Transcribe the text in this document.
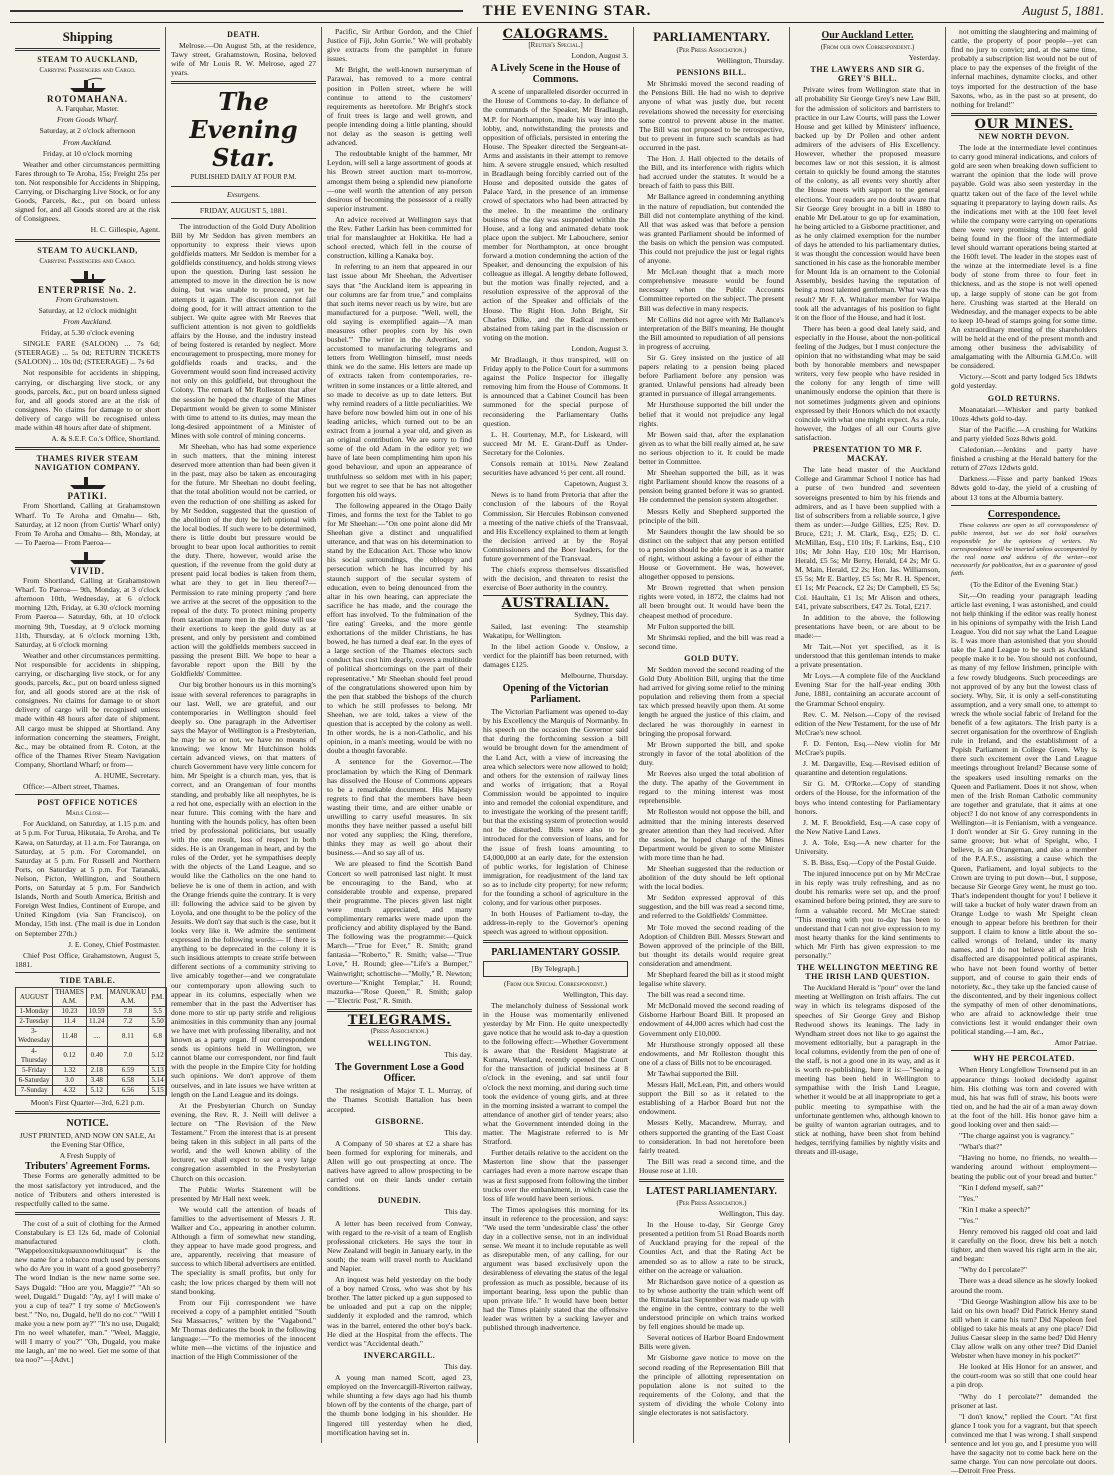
THE EVENING STAR.	August 5, 1881.
Shipping
STEAM TO AUCKLAND,
Carrying Passengers and Cargo.
ROTOMAHANA.

A. Farquhar, Master.

From Goods Wharf.

Saturday, at 2 o'clock afternoon

From Auckland.

Friday, at 10 o'clock morning

Weather and other circumstances permitting Fares through to Te Aroha, 15s; Freight 25s per ton. Not responsible for Accidents in Shipping, Carrying, or Discharging Live Stock, or for any Goods, Parcels, &c., put on board unless signed for, and all Goods stored are at the risk of Consignees.

H. C. Gillespie, Agent.

STEAM TO AUCKLAND,
Carrying Passengers and Cargo.
ENTERPRISE No. 2.

From Grahamstown.

Saturday, at 12 o'clock midnight

From Auckland.

Friday, at 5.30 o'clock evening

SINGLE FARE (SALOON) ... 7s 6d; (STEERAGE) ... 5s 0d; RETURN TICKETS (SALOON) ... 10s 0d; (STEERAGE) ... 7s 6d

Not responsible for accidents in shipping, carrying, or discharging live stock, or any goods, parcels, &c., put on board unless signed for, and all goods stored are at the risk of consignees. No claims for damage to or short delivery of cargo will be recognised unless made within 48 hours after date of shipment.

A. & S.E.F. Co.'s Office, Shortland.

THAMES RIVER STEAM NAVIGATION COMPANY.
PATIKI.

From Shortland, Calling at Grahamstown Wharf. To Te Aroha and Omahu— 6th, Saturday, at 12 noon (from Curtis' Wharf only) From Te Aroha and Omahu— 8th, Monday, at — To Paeroa— From Paeroa—

VIVID.

From Shortland, Calling at Grahamstown Wharf. To Paeroa— 9th, Monday, at 3 o'clock afternoon 10th, Wednesday, at 6 o'clock morning 12th, Friday, at 6.30 o'clock morning From Paeroa— Saturday, 6th, at 10 o'clock morning 9th, Tuesday, at 9 o'clock morning 11th, Thursday, at 6 o'clock morning 13th, Saturday, at 6 o'clock morning

Weather and other circumstances permitting. Not responsible for accidents in shipping, carrying, or discharging live stock, or for any goods, parcels, &c., put on board unless signed for, and all goods stored are at the risk of consignees. No claims for damage to or short delivery of cargo will be recognised unless made within 48 hours after date of shipment. All cargo must be shipped at Shortland. Any information concerning the steamers, Freight, &c., may be obtained from R. Coton, at the office of the Thames River Steam Navigation Company, Shortland Wharf; or from—

A. HUME, Secretary.

Office:—Albert street, Thames.

POST OFFICE NOTICES
Mails Close—

For Auckland, on Saturday, at 1.15 p.m. and at 5 p.m. For Turua, Hikutaia, Te Aroha, and Te Kawa, on Saturday, at 11 a.m. For Tauranga, on Saturday, at 5 p.m. For Coromandel, on Saturday at 5 p.m. For Russell and Northern Ports, on Saturday at 5 p.m. For Taranaki, Nelson, Picton, Wellington, and Southern Ports, on Saturday at 5 p.m. For Sandwich Islands, North and South America, British and Foreign West Indies, Continent of Europe, and United Kingdom (via San Francisco), on Monday, 15th inst. (The mail is due in London on September 27th.)

J. E. Coney, Chief Postmaster.

Chief Post Office, Grahamstown, August 5, 1881.

TIDE TABLE.
AUGUST	THAMES A.M.	P.M.	MANUKAU A.M.	P.M.
1-Monday	10.23	10.59	7.8	5.5
2-Tuesday	11.4	11.24	7.2	5.50
3-Wednesday	11.48	....	8.11	6.8
4-Thursday	0.12	0.40	7.0	5.12
5-Friday	1.32	2.18	6.59	5.13
6-Saturday	3.0	3.48	6.58	5.14
7-Sunday	4.32	5.12	6.56	5.15

Moon's First Quarter—3rd, 6.21 p.m.

NOTICE.

JUST PRINTED, AND NOW ON SALE, At the Evening Star Office,

A Fresh Supply of

Tributers' Agreement Forms.

These Forms are generally admitted to be the most satisfactory yet introduced, and the notice of Tributers and others interested is respectfully called to the same.

The cost of a suit of clothing for the Armed Constabulary is £3 12s 6d, made of Colonial manufactured cloth. "Wappelooxitukquauxnoowhituquat" is the new name for a tobacco much used by persons who do Are you in want of a good gooseberry? The word Indian is the new name some see. Says Dugald: "Hoo are you, Maggie?" "Ah so weel, Dugald." Dugald: "Ay, ay! I will make o' you a cup of tea?" I try some o' McGowen's best." "No, no, Dugald, he'll do no cot." "Will I make you a new porn ay?" "It's no use, Dugald; I'm no weel whatefer, man." "Weel, Maggie, will I marry o' you?" "Oh, Dugald, you make me laugh, an' me no weel. Get me some of that tea noo?"—[Advt.]

DEATH.

Melrose.—On August 5th, at the residence, Tawy street, Grahamstown, Rosina, beloved wife of Mr Louis R. W. Melrose, aged 27 years.

The Evening Star.
PUBLISHED DAILY AT FOUR P.M.

Exsurgens.

FRIDAY, AUGUST 5, 1881.

The introduction of the Gold Duty Abolition Bill by Mr Seddon has given members an opportunity to express their views upon goldfields matters. Mr Seddon is member for a goldfields constituency, and holds strong views upon the question. During last session he attempted to move in the direction he is now doing, but was unable to proceed, yet he attempts it again. The discussion cannot fail doing good, for it will attract attention to the subject. We quite agree with Mr Reeves that sufficient attention is not given to goldfields affairs by the House, and the industry instead of being fostered is retarded by neglect. More encouragement to prospecting, more money for goldfields roads and tracks, and the Government would soon find increased activity not only on this goldfield, but throughout the Colony. The remark of Mr Rolleston that after the session he hoped the charge of the Mines Department would be given to some Minister with time to attend to its duties, may mean the long-desired appointment of a Minister of Mines with sole control of mining concerns.

Mr Sheehan, who has had some experience in such matters, that the mining interest deserved more attention than had been given it in the past, may also be taken as encouraging for the future. Mr Sheehan no doubt feeling, that the total abolition would not be carried, or even the reduction of one shilling as asked for by Mr Seddon, suggested that the question of the abolition of the duty be left optional with the local bodies. If such were to be determined, there is little doubt but pressure would be brought to bear upon local authorities to remit the duty. There, however, would arise the question, if the revenue from the gold duty at present paid local bodies is taken from them, what are they to get in lieu thereof?—Permission to rate mining property ;'and here we arrive at the secret of the opposition to the repeal of the duty. To protect mining property from taxation many men in the House will use their exertions to keep the gold duty as at present, and only by persistent and combined action will the goldfields members succeed in passing the present Bill. We hope to hear a favorable report upon the Bill by the Goldfields' Committee.

Our big brother honours us in this morning's issue with several references to paragraphs in our last. Well, we are grateful, and our contemporaries in Wellington should feel deeply so. One paragraph in the Advertiser says the Mayor of Wellington is a Presbyterian, he may be so or not, we have no means of knowing; we know Mr Hutchinson holds certain advanced views, on that matters of church Government have very little concern for him. Mr Speight is a church man, yes, that is correct, and an Orangeman of four months standing, and probably like all neophytes, he is a red hot one, especially with an election in the near future. This coming with the hare and hunting with the hounds policy, has often been tried by professional politicians, but usually with the one result, loss of respect in both sides. He is an Orangeman in heart, and by the rules of the Order, yet he sympathises deeply with the objects of the Land League, and so would like the Catholics on the one hand to believe he is one of them in action, and with the Orange friends quite the contrary. It is very ill: following the advice said to be given by Loyola, and one thought to be the policy of the Jesuits. We don't say that such is the case, but it looks very like it. We admire the sentiment expressed in the following words:— If there is anything to be deprecated in the colony it is such insidious attempts to create strife between different sections of a community striving to live amicably together—and we congratulate our contemporary upon allowing such to appear in its columns, especially when we remember that in the past the Advertiser has done more to stir up party strife and religious animosities in this community than any journal we have met with professing liberality, and not known as a party organ. If our correspondent sends us opinions held in Wellington, we cannot blame our correspondent, nor find fault with the people in the Empire City for holding such opinions. We don't approve of them ourselves, and in late issues we have written at length on the Land League and its doings.

At the Presbyterian Church on Sunday evening, the Rev. R. J. Neill will deliver a lecture on "The Revision of the New Testament." From the interest that is at present being taken in this subject in all parts of the world, and the well known ability of the lecturer, we shall expect to see a very large congregation assembled in the Presbyterian Church on this occasion.

The Public Works Statement will be presented by Mr Hall next week.

We would call the attention of heads of families to the advertisement of Messrs J. R. Walker and Co., appearing in another column. Although a firm of somewhat new standing, they appear to have made good progress, and are, apparently, receiving that measure of success to which liberal advertisers are entitled. The speciality is small profits, but only for cash; the low prices charged by them will not stand booking.

From our Fiji correspondent we have received a copy of a pamphlet entitled "South Sea Massacres," written by the "Vagabond." Mr Thomas dedicates the book in the following language:—"To the memories of the innocent white men—the victims of the injustice and inaction of the High Commissioner of the

Pacific, Sir Arthur Gordon, and the Chief Justice of Fiji, John Gorrie." We will probably give extracts from the pamphlet in future issues.

Mr Bright, the well-known nurseryman of Parawai, has removed to a more central position in Pollen street, where he will continue to attend to the customers' requirements as heretofore. Mr Bright's stock of fruit trees is large and well grown, and people intending doing a little planting, should not delay as the season is getting well advanced.

The redoubtable knight of the hammer, Mr Leydon, will sell a large assortment of goods at his Brown street auction mart to-morrow, amongst them being a splendid new pianoforte—one well worth the attention of any person desirous of becoming the possessor of a really superior instrument.

An advice received at Wellington says that the Rev. Father Larkin has been committed for trial for manslaughter at Hokitika. He had a school erected, which fell in the course of construction, killing a Kanaka boy.

In referring to an item that appeared in our last issue about Mr Sheehan, the Advertiser says that "the Auckland item is appearing in our columns are far from true," and complains that such items never reach us by wire, but are manufactured for a purpose. "Well, well, the old saying is exemplified again—'A man measures other peoples corn by his own bushel.'" The writer in the Advertiser, so accustomed to manufacturing telegrams and letters from Wellington himself, must needs think we do the same. His letters are made up of extracts taken from contemporaries, re-written in some instances or a little altered, and so made to deceive as up to date letters. But why remind readers of a little peculiarities. We have before now bowled him out in one of his leading articles, which turned out to be an extract from a journal a year old, and given as an original contribution. We are sorry to find some of the old Adam in the editor yet; we have of late been complimenting him upon his good behaviour, and upon an appearance of truthfulness so seldom met with in his paper; but we regret to see that he has not altogether forgotten his old ways.

The following appeared in the Otago Daily Times, and forms the text for the Tablet to go for Mr Sheehan:—"On one point alone did Mr Sheehan give a distinct and unqualified utterance, and that was on his determination to stand by the Education Act. Those who know his social surroundings, the obloquy and persecution which he has incurred by his staunch support of the secular system of education, even to being denounced from the altar in his own hearing, can appreciate the sacrifice he has made, and the courage the effort has involved. To the fulmination of the 'fire eating' Greeks, and the more gentle exhortations of the milder Christians, he has bowed, he has turned a deaf ear. In the eyes of a large section of the Thames electors such conduct has cost him dearly, covers a multitude of political shortcomings on the part of their representative." Mr Sheehan should feel proud of the congratulations showered upon him by the pen that stabbed the bishops of the church to which he still professes to belong. Mr Sheehan, we are told, takes a view of the question that is accepted by the colony as well. In other words, he is a non-Catholic, and his opinion, in a man's meeting, would be with no doubt a thought favorable.

A sentence for the Governor.—The proclamation by which the King of Denmark has dissolved the House of Commons appears to be a remarkable document. His Majesty regrets to find that the members have been wasting their time, and are either unable or unwilling to carry useful measures. In six months they have neither passed a useful bill nor voted any supplies; the King, therefore, thinks they may as well go about their business.—And so say all of us.

We are pleased to find the Scottish Band Concert so well patronised last night. It must be encouraging to the Band, who at considerable trouble and expense, prepared their programme. The pieces given last night were much appreciated, and many complimentary remarks were made upon the proficiency and ability displayed by the Band. The following was the programme:—Quick March—"True for Ever," R. Smith; grand fantasia—"Roberto," R. Smith; valse—"True Love," H. Round; glee—"Life's a Bumper," Wainwright; schottische—"Molly," R. Newton; overture—"Knight Templar," H. Round; mazurka—"Rose Queen," R. Smith; galop—"Electric Post," R. Smith.

TELEGRAMS.
(Press Association.)
WELLINGTON.

This day.

The Government Lose a Good Officer.

The resignation of Major T. L. Murray, of the Thames Scottish Battalion has been accepted.

GISBORNE.

This day.

A Company of 50 shares at £2 a share has been formed for exploring for minerals, and Allen will go out prospecting at once. The natives have agreed to allow prospecting to be carried out on their lands under certain conditions.

DUNEDIN.

This day.

A letter has been received from Conway, with regard to the re-visit of a team of English professional cricketers. He says the tour in New Zealand will begin in January early, in the south; the team will travel north to Auckland and Napier.

An inquest was held yesterday on the body of a boy named Cross, who was shot by his brother. The latter picked up a gun supposed to be unloaded and put a cap on the nipple; suddenly it exploded and the ramrod, which was in the barrel, entered the other boy's back. He died at the Hospital from the effects. The verdict was "Accidental death."

INVERCARGILL.

This day.

A young man named Scott, aged 23, employed on the Invercargill-Riverton railway, while shunting a few days ago had his thumb blown off by the contents of the charge, part of the thumb bone lodging in his shoulder. He lingered till yesterday when he died, mortification having set in.

CALOGRAMS.
[Reuter's Special.]

London, August 3.

A Lively Scene in the House of Commons.

A scene of unparalleled disorder occurred in the House of Commons to-day. In defiance of the commands of the Speaker, Mr Bradlaugh, M.P. for Northampton, made his way into the lobby, and, notwithstanding the protests and opposition of officials, persisted in entering the House. The Speaker directed the Sergeant-at-Arms and assistants in their attempt to remove him. A severe struggle ensued, which resulted in Bradlaugh being forcibly carried out of the House and deposited outside the gates of Palace Yard, in the presence of an immense crowd of spectators who had been attracted by the melee. In the meantime the ordinary business of the day was suspended within the House, and a long and animated debate took place upon the subject. Mr Labouchere, senior member for Northampton, at once brought forward a motion condemning the action of the Speaker, and denouncing the expulsion of his colleague as illegal. A lengthy debate followed, but the motion was finally rejected, and a resolution expressive of the approval of the action of the Speaker and officials of the House. The Right Hon. John Bright, Sir Charles Dilke, and the Radical members abstained from taking part in the discussion or voting on the motion.

London, August 3.

Mr Bradlaugh, it thus transpired, will on Friday apply to the Police Court for a summons against the Police Inspector for illegally removing him from the House of Commons. It is announced that a Cabinet Council has been summoned for the special purpose of reconsidering the Parliamentary Oaths question.

L. H. Courtenay, M.P., for Liskeard, will succeed Mr M. E. Grant-Duff as Under-Secretary for the Colonies.

Consols remain at 101¼. New Zealand securities have advanced ½ per cent. all round.

Capetown, August 3.

News is to hand from Pretoria that after the conclusion of the labours of the Royal Commission, Sir Hercules Robinson convened a meeting of the native chiefs of the Transvaal, and His Excellency explained to them at length the decision arrived at by the Royal Commissioners and the Boer leaders, for the future government of the Transvaal.

The chiefs express themselves dissatisfied with the decision, and threaten to resist the exercise of Boer authority in the country.

AUSTRALIAN.

Sydney, This day.

Sailed, last evening: The steamship Wakatipu, for Wellington.

In the libel action Goode v. Onslow, a verdict for the plaintiff has been returned, with damages £125.

Melbourne, Thursday.

Opening of the Victorian Parliament.

The Victorian Parliament was opened to-day by his Excellency the Marquis of Normanby. In his speech on the occasion the Governor said that during the forthcoming session a bill would be brought down for the amendment of the Land Act, with a view of increasing the area which selectors were now allowed to hold; and others for the extension of railway lines and works of irrigation; that a Royal Commission would be appointed to inquire into and remodel the colonial expenditure, and to investigate the working of the present tariff; but that the existing system of protection would not be disturbed. Bills were also to be introduced for the conversion of loans, and for the issue of fresh loans amounting to £4,000,000 at an early date, for the extension of public works, for legislation of Chinese immigration, for readjustment of the land tax so as to include city property; for new reform; for the founding a school of agriculture in the colony, and for various other purposes.

In both Houses of Parliament to-day, the address-in-reply to the Governor's opening speech was agreed to without opposition.

PARLIAMENTARY GOSSIP.
[By Telegraph.]
(From our Special Correspondent.)

Wellington, This day.

The melancholy dulness of Sessional work in the House was momentarily enlivened yesterday by Mr Finn. He quite unexpectedly gave notice that he would ask to-day a question to the following effect:—Whether Government is aware that the Resident Magistrate at Kumara, Westland, recently opened the Court for the transaction of judicial business at 8 o'clock in the evening, and sat until four o'clock the next morning, and during such time took the evidence of young girls, and at three in the morning insisted a warrant to compel the attendance of another girl of tender years; also what the Government intended doing in the matter. The Magistrate referred to is Mr Stratford.

Further details relative to the accident on the Masterton line show that the passenger carriages had even a more narrow escape than was at first supposed from following the timber trucks over the embankment, in which case the loss of life would have been serious.

The Times apologises this morning for its insult in reference to the procession, and says: "We used the term 'undesirable class' the other day in a collective sense, not in an individual sense. We meant it to include reputable as well as disreputable men, of any calling, for our argument was based exclusively upon the desirableness of elevating the status of the legal profession as much as possible, because of its important bearing, less upon the public than upon private life." It would have been better had the Times plainly stated that the offensive leader was written by a sucking lawyer and published through inadvertence.

PARLIAMENTARY.
(Per Press Association.)

Wellington, Thursday.

PENSIONS BILL.

Mr Shrimski moved the second reading of the Pensions Bill. He had no wish to deprive anyone of what was justly due, but recent revelations showed the necessity for exercising some control to prevent abuse in the matter. The Bill was not proposed to be retrospective, but to prevent in future such scandals as had occurred in the past.

The Hon. J. Hall objected to the details of the Bill, and its interference with rights which had accrued under the statutes. It would be a breach of faith to pass this Bill.

Mr Ballance agreed in condemning anything in the nature of repudiation, but contended the Bill did not contemplate anything of the kind. All that was asked was that before a pension was granted Parliament should be informed of the basis on which the pension was computed. This could not prejudice the just or legal rights of anyone.

Mr McLean thought that a much more comprehensive measure would be found necessary when the Public Accounts Committee reported on the subject. The present Bill was defective in many respects.

Mr Collins did not agree with Mr Ballance's interpretation of the Bill's meaning. He thought the Bill amounted to repudiation of all pensions in progress of accruing.

Sir G. Grey insisted on the justice of all papers relating to a pension being placed before Parliament before any pension was granted. Unlawful pensions had already been granted in pursuance of illegal arrangements.

Mr Hursthouse supported the bill under the belief that it would not prejudice any legal rights.

Mr Bowen said that, after the explanation given as to what the bill really aimed at, he saw no serious objection to it. It could be made better in Committee.

Mr Sheehan supported the bill, as it was right Parliament should know the reasons of a pension being granted before it was so granted. He condemned the pension system altogether.

Messrs Kelly and Shepherd supported the principle of the bill.

Mr Saunders thought the law should be so distinct on the subject that any person entitled to a pension should be able to get it as a matter of right, without asking a favour of either the House or Government. He was, however, altogether opposed to pensions.

Mr Brown regretted that when pension rights were voted, in 1872, the claims had not all been brought out. It would have been the cheapest method of procedure.

Mr Fulton supported the bill.

Mr Shrimski replied, and the bill was read a second time.

GOLD DUTY.

Mr Seddon moved the second reading of the Gold Duty Abolition Bill, urging that the time had arrived for giving some relief to the mining population and relieving them from a special tax which pressed heavily upon them. At some length he argued the justice of this claim, and declared he was thoroughly in earnest in bringing the proposal forward.

Mr Brown supported the bill, and spoke strongly in favor of the total abolition of the duty.

Mr Reeves also urged the total abolition of the duty. The apathy of the Government in regard to the mining interest was most reprehensible.

Mr Rolleston would not oppose the bill, and admitted that the mining interests deserved greater attention than they had received. After the session, he hoped charge of the Mines Department would be given to some Minister with more time than he had.

Mr Sheehan suggested that the reduction or abolition of the duty should be left optional with the local bodies.

Mr Seddon expressed approval of this suggestion, and the bill was read a second time, and referred to the Goldfields' Committee.

Mr Tole moved the second reading of the Adoption of Children Bill. Messrs Stewart and Bowen approved of the principle of the Bill, but thought its details would require great consideration and amendment.

Mr Shephard feared the bill as it stood might legalise white slavery.

The bill was read a second time.

Mr McDonald moved the second reading of Gisborne Harbour Board Bill. It proposed an endowment of 44,000 acres which had cost the Government only £10,000.

Mr Hursthouse strongly opposed all these endowments, and Mr Rolleston thought this one of a class of Bills not to be encouraged.

Mr Tawhai supported the Bill.

Messrs Hall, McLean, Pitt, and others would support the Bill so as it related to the establishing of a Harbor Board but not the endowment.

Messrs Kelly, Macandrew, Murray, and others supported the granting of the East Coast to consideration. In bad not heretofore been fairly treated.

The Bill was read a second time, and the House rose at 1.10.

LATEST PARLIAMENTARY.
(Per Press Association.)

Wellington, This day.

In the House to-day, Sir George Grey presented a petition from 51 Road Boards north of Auckland praying for the repeal of the Counties Act, and that the Rating Act be amended so as to allow a rate to be struck, either on the acreage or valuation.

Mr Richardson gave notice of a question as to by whose authority the train which went off the Rimutaka last September was made up with the engine in the centre, contrary to the well understood principle on which trains worked by fell engines should be made up.

Several notices of Harbor Board Endowment Bills were given.

Mr Gisborne gave notice to move on the second reading of the Representation Bill that the principle of allotting representation on population alone is not suited to the requirements of the Colony, and that the system of dividing the whole Colony into single electorates is not satisfactory.

Our Auckland Letter.
(From our own Correspondent.)

Yesterday.

THE LAWYERS AND SIR G. GREY'S BILL.

Private wires from Wellington state that in all probability Sir George Grey's new Law Bill, for the admission of solicitors and barristers to practice in our Law Courts, will pass the Lower House and get killed by Ministers' influence, backed up by Dr Pollen and other ardent admirers of the advisers of His Excellency. However, whether the proposed measure becomes law or not this session, it is almost certain to quickly be found among the statutes of the colony, as all events very shortly after the House meets with support to the general elections. Your readers are no doubt aware that Sir George Grey brought in a bill in 1880 to enable Mr DeLatour to go up for examination, he being articled to a Gisborne practitioner, and as he only claimed exemption for the number of days he attended to his parliamentary duties, it was thought the concession would have been sanctioned in his case as the honorable member for Mount Ida is an ornament to the Colonial Assembly, besides having the reputation of being a most talented gentleman. What was the result? Mr F. A. Whitaker member for Waipa took all the advantages of his position to fight it on the floor of the House, and had it lost.

There has been a good deal lately said, and especially in the House, about the non-political feeling of the Judges, but I must conjecture the opinion that no withstanding what may be said both by honorable members and newspaper writers, very few people who have resided in the colony for any length of time will unanimously endorse the opinion that there is not sometimes judgments given and opinions expressed by their Honors which do not exactly coincide with what one might expect. As a rule, however, the Judges of all our Courts give satisfaction.

PRESENTATION TO MR F. MACKAY.

The late head master of the Auckland College and Grammar School I notice has had a purse of two hundred and seventeen sovereigns presented to him by his friends and admirers, and as I have been supplied with a list of subscribers from a reliable source, I give them as under:—Judge Gillies, £25; Rev. D. Bruce, £21; J. M. Clark, Esq., £25; D. C. McMillan, Esq., £10 10s; F. Larkins, Esq., £10 10s; Mr John Hay, £10 10s; Mr Harrison, Herald, £5 5s; Mr Berry, Herald, £4 2s; Mr G. M. Main, Herald, £2 2s; Hon. Jas. Williamson, £5 5s; Mr E. Bartley, £5 5s; Mr R. H. Spencer, £1 1s; Mr Peacock, £2 2s; Dr Campbell, £5 5s; Col. Haultain, £1 1s; Mr Alison and others, £41, private subscribers, £47 2s. Total, £217.

In addition to the above, the following presentations have been, or are about to be made:—

Mr Tait.—Not yet specified, as it is understood that this gentleman intends to make a private presentation.

Mr Loys.—A complete file of the Auckland Evening Star for the half-year ending 30th June, 1881, containing an accurate account of the Grammar School enquiry.

Rev. C. M. Nelson.—Copy of the revised edition of the New Testament, for the use of Mr McCrae's new school.

F. D. Fenton, Esq.—New violin for Mr McCrae's pupils.

J. M. Dargaville, Esq.—Revised edition of quarantine and detention regulations.

Sir G. M. O'Rorke.—Copy of standing orders of the House, for the information of the boys who intend contesting for Parliamentary honors.

J. M. F. Brookfield, Esq.—A case copy of the New Native Land Laws.

J. A. Tole, Esq.—A new charter for the University.

S. B. Biss, Esq.—Copy of the Postal Guide.

The injured innocence put on by Mr McCrae in his reply was truly refreshing, and as no doubt his remarks were set up, and the proof examined before being printed, they are sure to form a valuable record. Mr McCrae stated: "This meeting with you to-day has been to understand that I can not give expression to my most hearty thanks for the kind sentiments to which Mr Firth has given expression to me personally."

THE WELLINGTON MEETING RE THE IRISH LAND QUESTION.

The Auckland Herald is "pour" over the land meeting at Wellington on Irish affairs. The cut way in which its telegrams disposed of the speeches of Sir George Grey and Bishop Redwood shows its leanings. The lady in Wyndham street does not like to go against the movement editorially, but a paragraph in the local columns, evidently from the pen of one of the staff, is not a good one in its way, and as it is worth re-publishing, here it is:—"Seeing a meeting has been held in Wellington to sympathise with the Irish Land League, whether it would be at all inappropriate to get a public meeting to sympathise with the unfortunate gentlemen who, although known to be guilty of wanton agrarian outrages, and to stick at nothing, have been shot from behind hedges, terrifying families by nightly visits and threats and ill-usage,

not omitting the slaughtering and maiming of cattle, the property of poor people—yet can find no jury to convict; and, at the same time, probably a subscription list would not be out of place to pay the expenses of the freight of the infernal machines, dynamite clocks, and other toys imported for the destruction of the base Saxons, who, as in the past so at present, do nothing for Ireland!"

OUR MINES.
NEW NORTH DEVON.

The lode at the intermediate level continues to carry good mineral indications, and colors of gold are seen when breaking down sufficient to warrant the opinion that the lode will prove payable. Gold was also seen yesterday in the quartz taken out of the face of the level while squaring it preparatory to laying down rails. As the indications met with at the 100 feet level while the company were carrying on operations there were very promising the fact of gold being found in the floor of the intermediate level should warrant operations being started at the 160ft level. The leader in the stopes east of the winze at the intermediate level is a fine body of stone from three to four feet in thickness, and as the stope is not well opened up, a large supply of stone can be got from here. Crushing was started at the Herald on Wednesday, and the manager expects to be able to keep 10-head of stamps going for some time. An extraordinary meeting of the shareholders will be held at the end of the present month and among other business the advisability of amalgamating with the Alburnia G.M.Co. will be considered.

Victory.—Scott and party lodged 5cs 18dwts gold yesterday.

GOLD RETURNS.

Moanataiari.—Whisker and party banked 10ozs 4dwts gold to-day.

Star of the Pacific.—A crushing for Watkins and party yielded 5ozs 8dwts gold.

Caledonian.—Jenkins and party have finished a crushing at the Herald battery for the return of 27ozs 12dwts gold.

Darkness.—Fisse and party banked 19ozs 8dwts gold to-day, the yield of a crushing of about 13 tons at the Alburnia battery.

Correspondence.

These columns are open to all correspondence of public interest, but we do not hold ourselves responsible for the opinions of writers. No correspondence will be inserted unless accompanied by the real name and address of the writer—not necessarily for publication, but as a guarantee of good faith.

(To the Editor of the Evening Star.)

Sir,—On reading your paragraph leading article last evening, I was astonished, and could not help thinking if the editor was really honest in his opinions of sympathy with the Irish Land League. You did not say what the Land League is. I was more than astonished that you should take the Land League to be such as Auckland people make it to be. You should not confound, as many of my fellow Irishmen, principle with a few rowdy bludgeons. Such proceedings are not approved of by any but the lowest class of society. Why, Sir, it is only a self-constituting assumption, and a very small one, to attempt to wreck the whole social fabric of Ireland for the benefit of a few agitators. The Irish party is a secret organisation for the overthrow of English rule in Ireland, and the establishment of a Popish Parliament in College Green. Why is there such excitement over the Land League meetings throughout Ireland? Because some of the speakers used insulting remarks on the Queen and Parliament. Does it not show, when men of the Irish Roman Catholic community are together and gratulate, that it aims at one object? I do not know of any correspondents in Wellington—it is Fenianism, with a vengeance. I don't wonder at Sir G. Grey running in the same groove; but what of Speight, who, I believe, is an Orangeman, and also a member of the P.A.F.S., assisting a cause which the Queen, Parliament, and loyal subjects to the Crown are trying to put down—but, I suppose, because Sir George Grey went, he must go too. That's independent thought for you! I believe it will take a bucket of holy water drawn from an Orange Lodge to wash Mr Speight clean enough to appear before his brethren for their support. I claim to know a little about the so-called wrongs of Ireland, under its many names, and I do not believe all of the Irish disaffected are disappointed political aspirants, who have not been found worthy of better support, and of course to gain their ends of notoriety, &c., they take up the fancied cause of the discontented, and by their ingenious collect the sympathy of men of other denominations, who are afraid to acknowledge their true convictions lest it would endanger their own political standing.—I am, &c.,

Amor Patriae.

WHY HE PERCOLATED.

When Henry Longfellow Townsend put in an appearance things looked decidedly against him. His clothing was torn and covered with mud, his hat was full of straw, his boots were tied on, and he had the air of a man away down at the foot of the hill. His honor gave him a good looking over and then said:—

"The charge against you is vagrancy."

"What's that?"

"Having no home, no friends, no wealth—wandering around without employment—beating the public out of your bread and butter."

"Kin I defend myself, sah?"

"Yes."

"Kin I make a speech?"

"Yes."

Henry removed his ragged old coat and laid it carefully on the floor, drew his belt a notch tighter, and then waved his right arm in the air, and began:

"Why do I percolate?"

There was a dead silence as he slowly looked around the room.

"Did George Washington allow his axe to be laid on his own head? Did Patrick Henry stand still when it came his turn? Did Napoleon feel obliged to take his meals at any one place? Did Julius Caesar sleep in the same bed? Did Henry Clay allow walk on any other tree? Did Daniel Webster when have money in his pocket?"

He looked at His Honor for an answer, and the court-room was so still that one could hear a pin drop.

"Why do I percolate?" demanded the prisoner at last.

"I don't know," replied the Court. "At first glance I took you for a vagrant, but that speech convinced me that I was wrong. I shall suspend sentence and let you go, and I presume you will have the sagacity not to come back here on the same charge. You can now percolate out doors.—Detroit Free Press.
